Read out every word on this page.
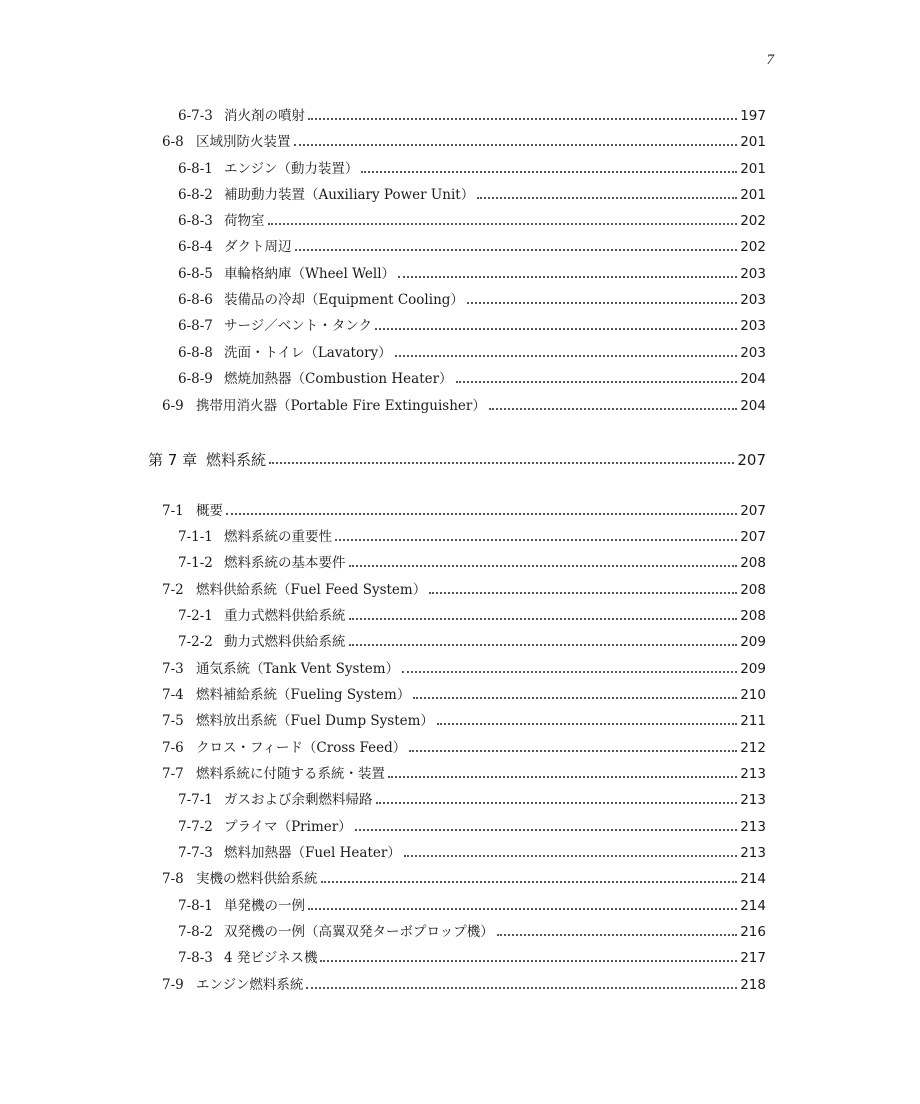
7
6-7-3 消火剤の噴射	197
6-8 区域別防火装置	201
6-8-1 エンジン（動力装置）	201
6-8-2 補助動力装置（Auxiliary Power Unit）	201
6-8-3 荷物室	202
6-8-4 ダクト周辺	202
6-8-5 車輪格納庫（Wheel Well）	203
6-8-6 装備品の冷却（Equipment Cooling）	203
6-8-7 サージ／ベント・タンク	203
6-8-8 洗面・トイレ（Lavatory）	203
6-8-9 燃焼加熱器（Combustion Heater）	204
6-9 携帯用消火器（Portable Fire Extinguisher）	204
第 7 章 燃料系統	207
7-1 概要	207
7-1-1 燃料系統の重要性	207
7-1-2 燃料系統の基本要件	208
7-2 燃料供給系統（Fuel Feed System）	208
7-2-1 重力式燃料供給系統	208
7-2-2 動力式燃料供給系統	209
7-3 通気系統（Tank Vent System）	209
7-4 燃料補給系統（Fueling System）	210
7-5 燃料放出系統（Fuel Dump System）	211
7-6 クロス・フィード（Cross Feed）	212
7-7 燃料系統に付随する系統・装置	213
7-7-1 ガスおよび余剰燃料帰路	213
7-7-2 プライマ（Primer）	213
7-7-3 燃料加熱器（Fuel Heater）	213
7-8 実機の燃料供給系統	214
7-8-1 単発機の一例	214
7-8-2 双発機の一例（高翼双発ターボプロップ機）	216
7-8-3 4 発ビジネス機	217
7-9 エンジン燃料系統	218
